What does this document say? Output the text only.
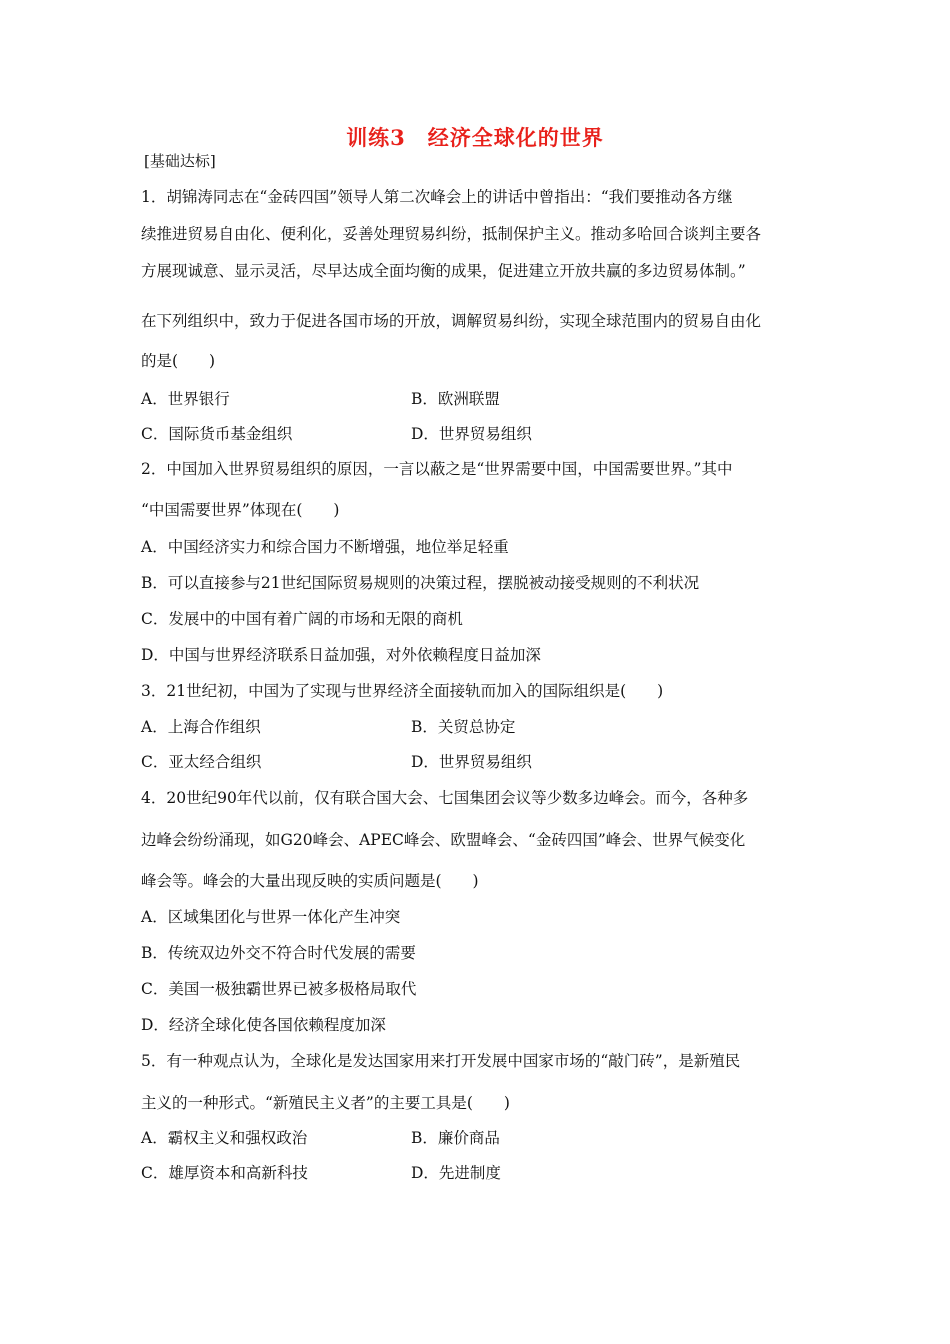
训练3　经济全球化的世界
[基础达标]
1．胡锦涛同志在“金砖四国”领导人第二次峰会上的讲话中曾指出：“我们要推动各方继
续推进贸易自由化、便利化，妥善处理贸易纠纷，抵制保护主义。推动多哈回合谈判主要各
方展现诚意、显示灵活，尽早达成全面均衡的成果，促进建立开放共赢的多边贸易体制。”
在下列组织中，致力于促进各国市场的开放，调解贸易纠纷，实现全球范围内的贸易自由化
的是(　　)
A．世界银行	B．欧洲联盟
C．国际货币基金组织	D．世界贸易组织
2．中国加入世界贸易组织的原因，一言以蔽之是“世界需要中国，中国需要世界。”其中
“中国需要世界”体现在(　　)
A．中国经济实力和综合国力不断增强，地位举足轻重
B．可以直接参与21世纪国际贸易规则的决策过程，摆脱被动接受规则的不利状况
C．发展中的中国有着广阔的市场和无限的商机
D．中国与世界经济联系日益加强，对外依赖程度日益加深
3．21世纪初，中国为了实现与世界经济全面接轨而加入的国际组织是(　　)
A．上海合作组织	B．关贸总协定
C．亚太经合组织	D．世界贸易组织
4．20世纪90年代以前，仅有联合国大会、七国集团会议等少数多边峰会。而今，各种多
边峰会纷纷涌现，如G20峰会、APEC峰会、欧盟峰会、“金砖四国”峰会、世界气候变化
峰会等。峰会的大量出现反映的实质问题是(　　)
A．区域集团化与世界一体化产生冲突
B．传统双边外交不符合时代发展的需要
C．美国一极独霸世界已被多极格局取代
D．经济全球化使各国依赖程度加深
5．有一种观点认为，全球化是发达国家用来打开发展中国家市场的“敲门砖”，是新殖民
主义的一种形式。“新殖民主义者”的主要工具是(　　)
A．霸权主义和强权政治	B．廉价商品
C．雄厚资本和高新科技	D．先进制度
